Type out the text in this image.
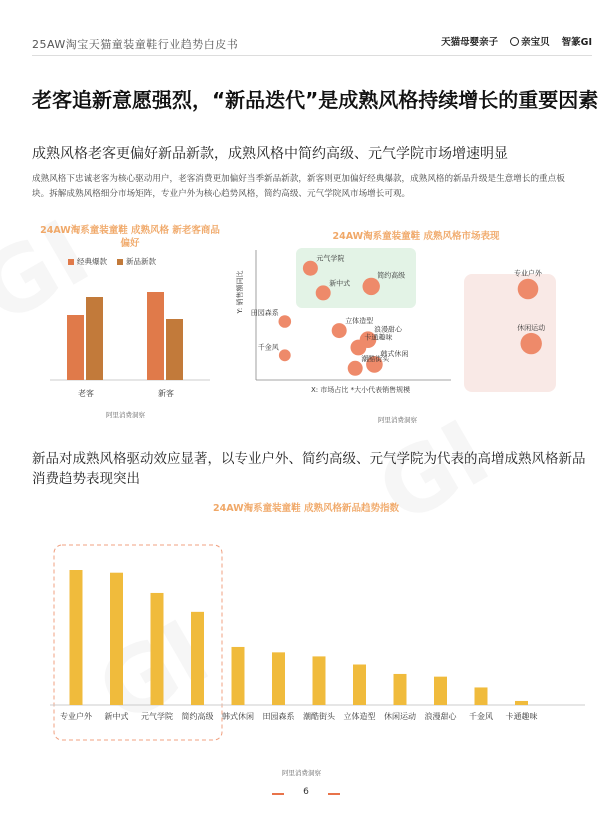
25AW淘宝天猫童装童鞋行业趋势白皮书	天猫母婴亲子 亲宝贝 智篆GI
老客追新意愿强烈，“新品迭代”是成熟风格持续增长的重要因素
成熟风格老客更偏好新品新款，成熟风格中简约高级、元气学院市场增速明显
成熟风格下忠诚老客为核心驱动用户，老客消费更加偏好当季新品新款，新客则更加偏好经典爆款，成熟风格的新品升级是生意增长的重点板块。拆解成熟风格细分市场矩阵，专业户外为核心趋势风格，简约高级、元气学院风市场增长可观。
24AW淘系童装童鞋 成熟风格 新老客商品偏好
经典爆款	新品新款
老客	新客
阿里消费洞察
24AW淘系童装童鞋 成熟风格市场表现
Y: 销售额同比
X: 市场占比 *大小代表销售规模
元气学院
简约高级
新中式
田园森系
立体造型
浪漫甜心
卡通趣味
千金风
韩式休闲
潮酷街头
专业户外
休闲运动
阿里消费洞察
新品对成熟风格驱动效应显著，以专业户外、简约高级、元气学院为代表的高增成熟风格新品消费趋势表现突出
24AW淘系童装童鞋 成熟风格新品趋势指数
专业户外 新中式 元气学院 简约高级 韩式休闲 田园森系 潮酷街头 立体造型 休闲运动 浪漫甜心 千金风 卡通趣味
阿里消费洞察
6
